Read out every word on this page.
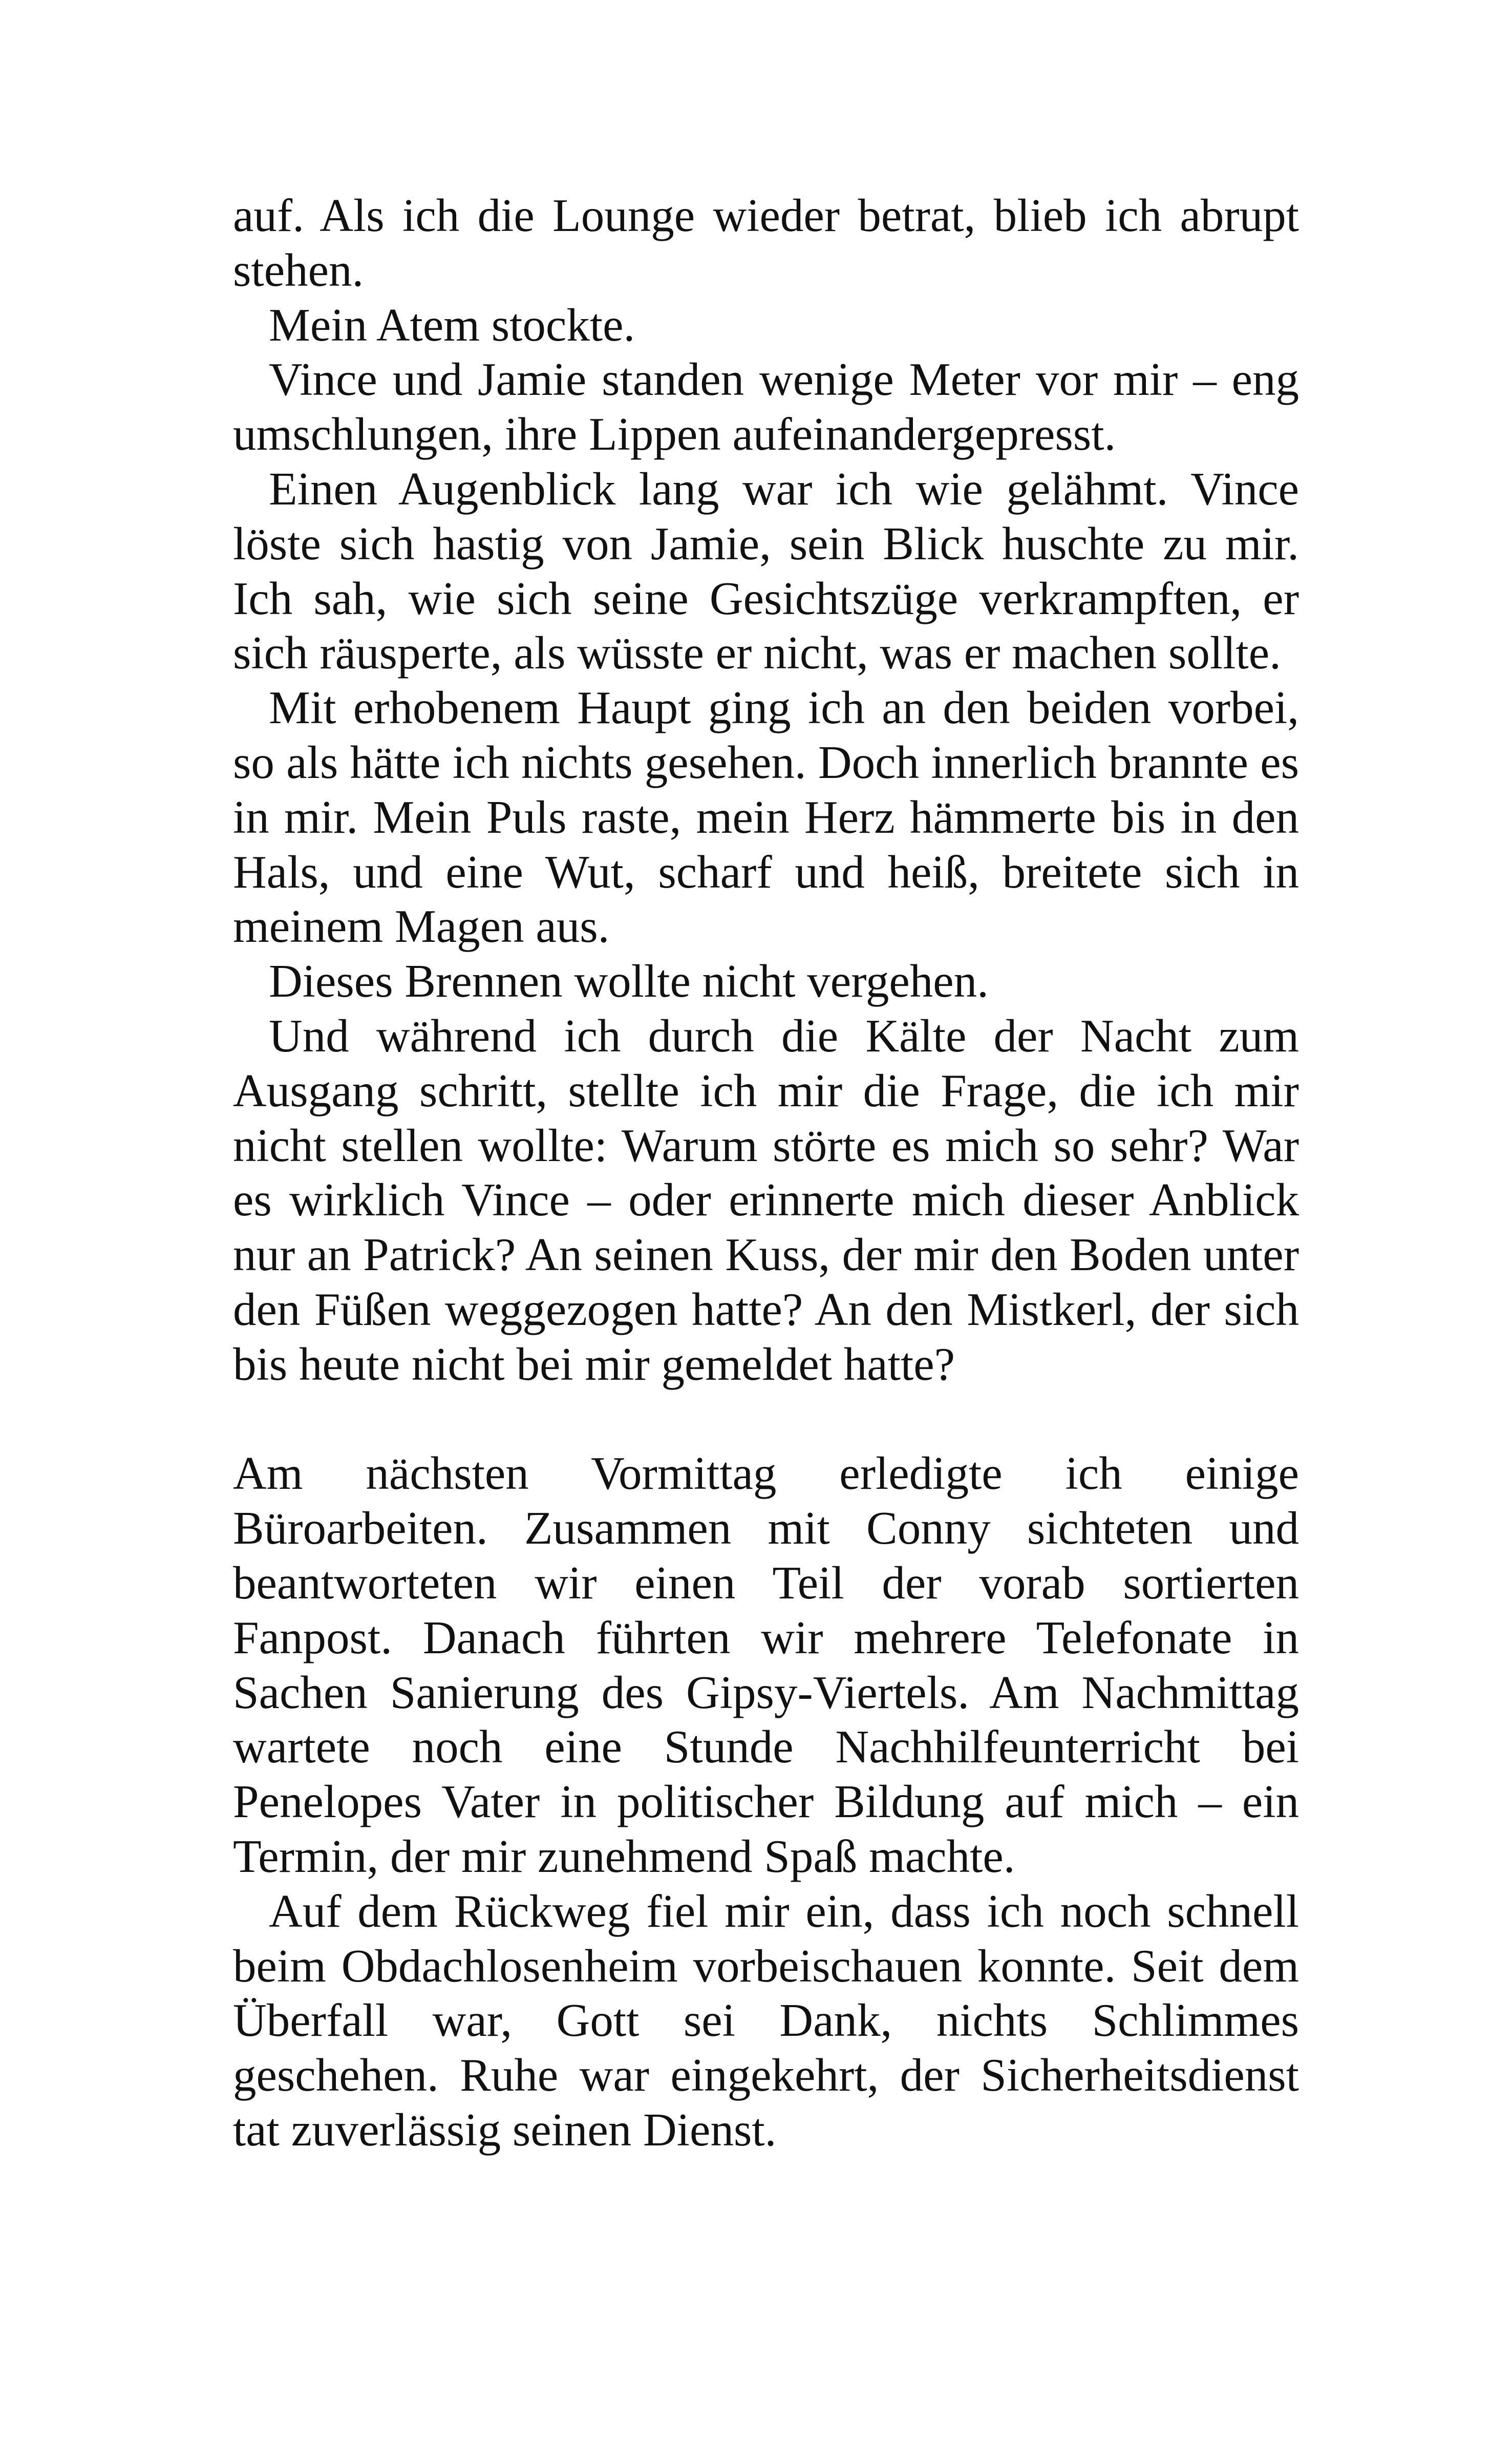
auf. Als ich die Lounge wieder betrat, blieb ich abrupt stehen.

Mein Atem stockte.

Vince und Jamie standen wenige Meter vor mir – eng umschlungen, ihre Lippen aufeinandergepresst.

Einen Augenblick lang war ich wie gelähmt. Vince löste sich hastig von Jamie, sein Blick huschte zu mir. Ich sah, wie sich seine Gesichtszüge verkrampften, er sich räusperte, als wüsste er nicht, was er machen sollte.

Mit erhobenem Haupt ging ich an den beiden vorbei, so als hätte ich nichts gesehen. Doch innerlich brannte es in mir. Mein Puls raste, mein Herz hämmerte bis in den Hals, und eine Wut, scharf und heiß, breitete sich in meinem Magen aus.

Dieses Brennen wollte nicht vergehen.

Und während ich durch die Kälte der Nacht zum Ausgang schritt, stellte ich mir die Frage, die ich mir nicht stellen wollte: Warum störte es mich so sehr? War es wirklich Vince – oder erinnerte mich dieser Anblick nur an Patrick? An seinen Kuss, der mir den Boden unter den Füßen weggezogen hatte? An den Mistkerl, der sich bis heute nicht bei mir gemeldet hatte?

Am nächsten Vormittag erledigte ich einige Büroarbeiten. Zusammen mit Conny sichteten und beantworteten wir einen Teil der vorab sortierten Fanpost. Danach führten wir mehrere Telefonate in Sachen Sanierung des Gipsy-Viertels. Am Nachmittag wartete noch eine Stunde Nachhilfeunterricht bei Penelopes Vater in politischer Bildung auf mich – ein Termin, der mir zunehmend Spaß machte.

Auf dem Rückweg fiel mir ein, dass ich noch schnell beim Obdachlosenheim vorbeischauen konnte. Seit dem Überfall war, Gott sei Dank, nichts Schlimmes geschehen. Ruhe war eingekehrt, der Sicherheitsdienst tat zuverlässig seinen Dienst.
